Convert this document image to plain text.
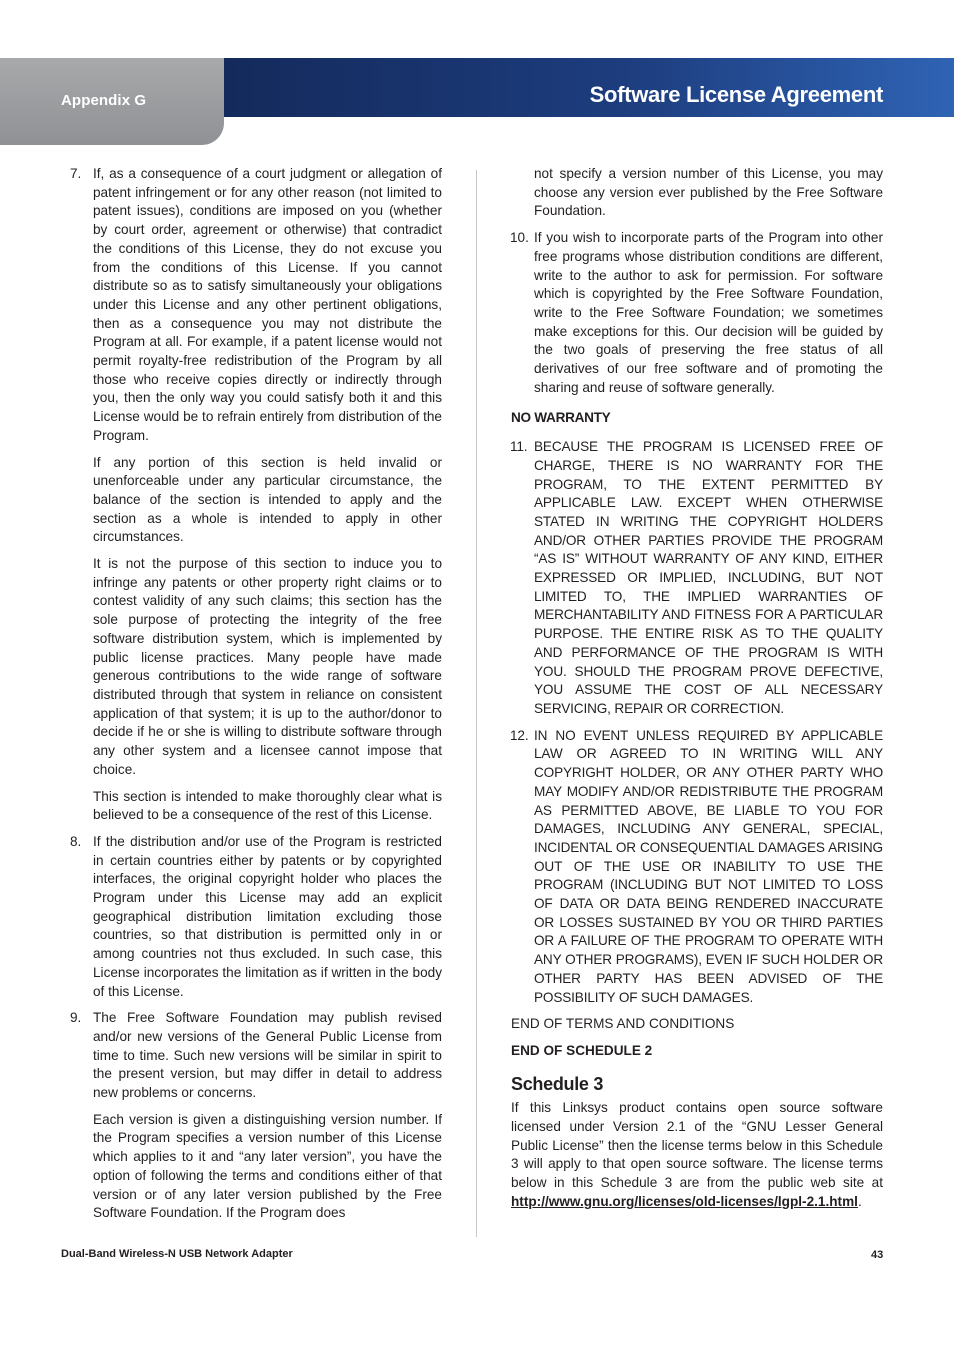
Appendix G	Software License Agreement
7. If, as a consequence of a court judgment or allegation of patent infringement or for any other reason (not limited to patent issues), conditions are imposed on you (whether by court order, agreement or otherwise) that contradict the conditions of this License, they do not excuse you from the conditions of this License. If you cannot distribute so as to satisfy simultaneously your obligations under this License and any other pertinent obligations, then as a consequence you may not distribute the Program at all. For example, if a patent license would not permit royalty-free redistribution of the Program by all those who receive copies directly or indirectly through you, then the only way you could satisfy both it and this License would be to refrain entirely from distribution of the Program.

If any portion of this section is held invalid or unenforceable under any particular circumstance, the balance of the section is intended to apply and the section as a whole is intended to apply in other circumstances.

It is not the purpose of this section to induce you to infringe any patents or other property right claims or to contest validity of any such claims; this section has the sole purpose of protecting the integrity of the free software distribution system, which is implemented by public license practices. Many people have made generous contributions to the wide range of software distributed through that system in reliance on consistent application of that system; it is up to the author/donor to decide if he or she is willing to distribute software through any other system and a licensee cannot impose that choice.

This section is intended to make thoroughly clear what is believed to be a consequence of the rest of this License.

8. If the distribution and/or use of the Program is restricted in certain countries either by patents or by copyrighted interfaces, the original copyright holder who places the Program under this License may add an explicit geographical distribution limitation excluding those countries, so that distribution is permitted only in or among countries not thus excluded. In such case, this License incorporates the limitation as if written in the body of this License.

9. The Free Software Foundation may publish revised and/or new versions of the General Public License from time to time. Such new versions will be similar in spirit to the present version, but may differ in detail to address new problems or concerns.

Each version is given a distinguishing version number. If the Program specifies a version number of this License which applies to it and “any later version”, you have the option of following the terms and conditions either of that version or of any later version published by the Free Software Foundation. If the Program does

not specify a version number of this License, you may choose any version ever published by the Free Software Foundation.

10. If you wish to incorporate parts of the Program into other free programs whose distribution conditions are different, write to the author to ask for permission. For software which is copyrighted by the Free Software Foundation, write to the Free Software Foundation; we sometimes make exceptions for this. Our decision will be guided by the two goals of preserving the free status of all derivatives of our free software and of promoting the sharing and reuse of software generally.

NO WARRANTY
11. BECAUSE THE PROGRAM IS LICENSED FREE OF CHARGE, THERE IS NO WARRANTY FOR THE PROGRAM, TO THE EXTENT PERMITTED BY APPLICABLE LAW. EXCEPT WHEN OTHERWISE STATED IN WRITING THE COPYRIGHT HOLDERS AND/OR OTHER PARTIES PROVIDE THE PROGRAM “AS IS” WITHOUT WARRANTY OF ANY KIND, EITHER EXPRESSED OR IMPLIED, INCLUDING, BUT NOT LIMITED TO, THE IMPLIED WARRANTIES OF MERCHANTABILITY AND FITNESS FOR A PARTICULAR PURPOSE. THE ENTIRE RISK AS TO THE QUALITY AND PERFORMANCE OF THE PROGRAM IS WITH YOU. SHOULD THE PROGRAM PROVE DEFECTIVE, YOU ASSUME THE COST OF ALL NECESSARY SERVICING, REPAIR OR CORRECTION.

12. IN NO EVENT UNLESS REQUIRED BY APPLICABLE LAW OR AGREED TO IN WRITING WILL ANY COPYRIGHT HOLDER, OR ANY OTHER PARTY WHO MAY MODIFY AND/OR REDISTRIBUTE THE PROGRAM AS PERMITTED ABOVE, BE LIABLE TO YOU FOR DAMAGES, INCLUDING ANY GENERAL, SPECIAL, INCIDENTAL OR CONSEQUENTIAL DAMAGES ARISING OUT OF THE USE OR INABILITY TO USE THE PROGRAM (INCLUDING BUT NOT LIMITED TO LOSS OF DATA OR DATA BEING RENDERED INACCURATE OR LOSSES SUSTAINED BY YOU OR THIRD PARTIES OR A FAILURE OF THE PROGRAM TO OPERATE WITH ANY OTHER PROGRAMS), EVEN IF SUCH HOLDER OR OTHER PARTY HAS BEEN ADVISED OF THE POSSIBILITY OF SUCH DAMAGES.

END OF TERMS AND CONDITIONS
END OF SCHEDULE 2
Schedule 3

If this Linksys product contains open source software licensed under Version 2.1 of the “GNU Lesser General Public License” then the license terms below in this Schedule 3 will apply to that open source software. The license terms below in this Schedule 3 are from the public web site at http://www.gnu.org/licenses/old-licenses/lgpl-2.1.html.

Dual-Band Wireless-N USB Network Adapter	43
